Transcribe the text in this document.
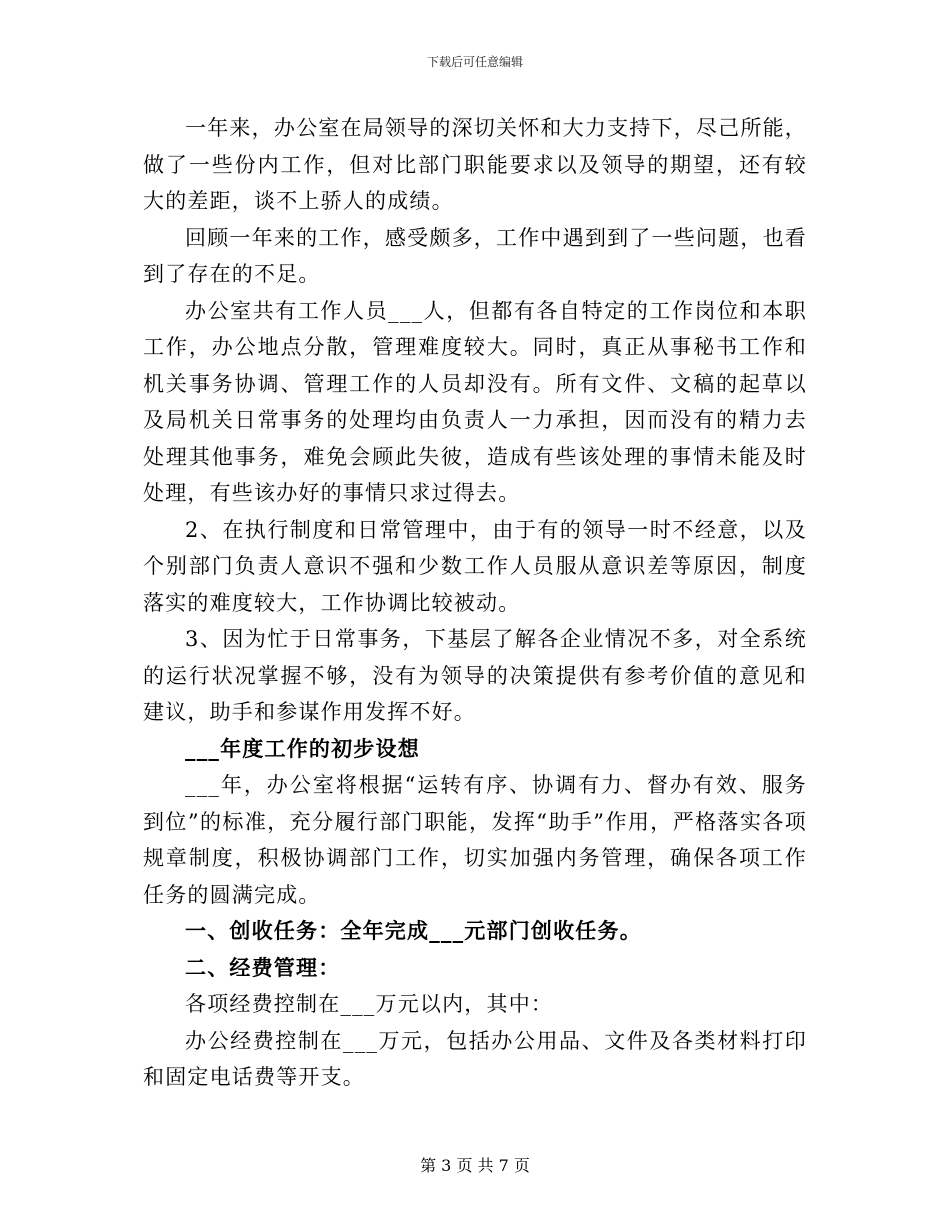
下载后可任意编辑

一年来，办公室在局领导的深切关怀和大力支持下，尽己所能，做了一些份内工作，但对比部门职能要求以及领导的期望，还有较大的差距，谈不上骄人的成绩。

回顾一年来的工作，感受颇多，工作中遇到到了一些问题，也看到了存在的不足。

办公室共有工作人员___人，但都有各自特定的工作岗位和本职工作，办公地点分散，管理难度较大。同时，真正从事秘书工作和机关事务协调、管理工作的人员却没有。所有文件、文稿的起草以及局机关日常事务的处理均由负责人一力承担，因而没有的精力去处理其他事务，难免会顾此失彼，造成有些该处理的事情未能及时处理，有些该办好的事情只求过得去。

2、在执行制度和日常管理中，由于有的领导一时不经意，以及个别部门负责人意识不强和少数工作人员服从意识差等原因，制度落实的难度较大，工作协调比较被动。

3、因为忙于日常事务，下基层了解各企业情况不多，对全系统的运行状况掌握不够，没有为领导的决策提供有参考价值的意见和建议，助手和参谋作用发挥不好。

___年度工作的初步设想

___年，办公室将根据“运转有序、协调有力、督办有效、服务到位”的标准，充分履行部门职能，发挥“助手”作用，严格落实各项规章制度，积极协调部门工作，切实加强内务管理，确保各项工作任务的圆满完成。

一、创收任务：全年完成___元部门创收任务。

二、经费管理：

各项经费控制在___万元以内，其中：

办公经费控制在___万元，包括办公用品、文件及各类材料打印和固定电话费等开支。

第 3 页 共 7 页
